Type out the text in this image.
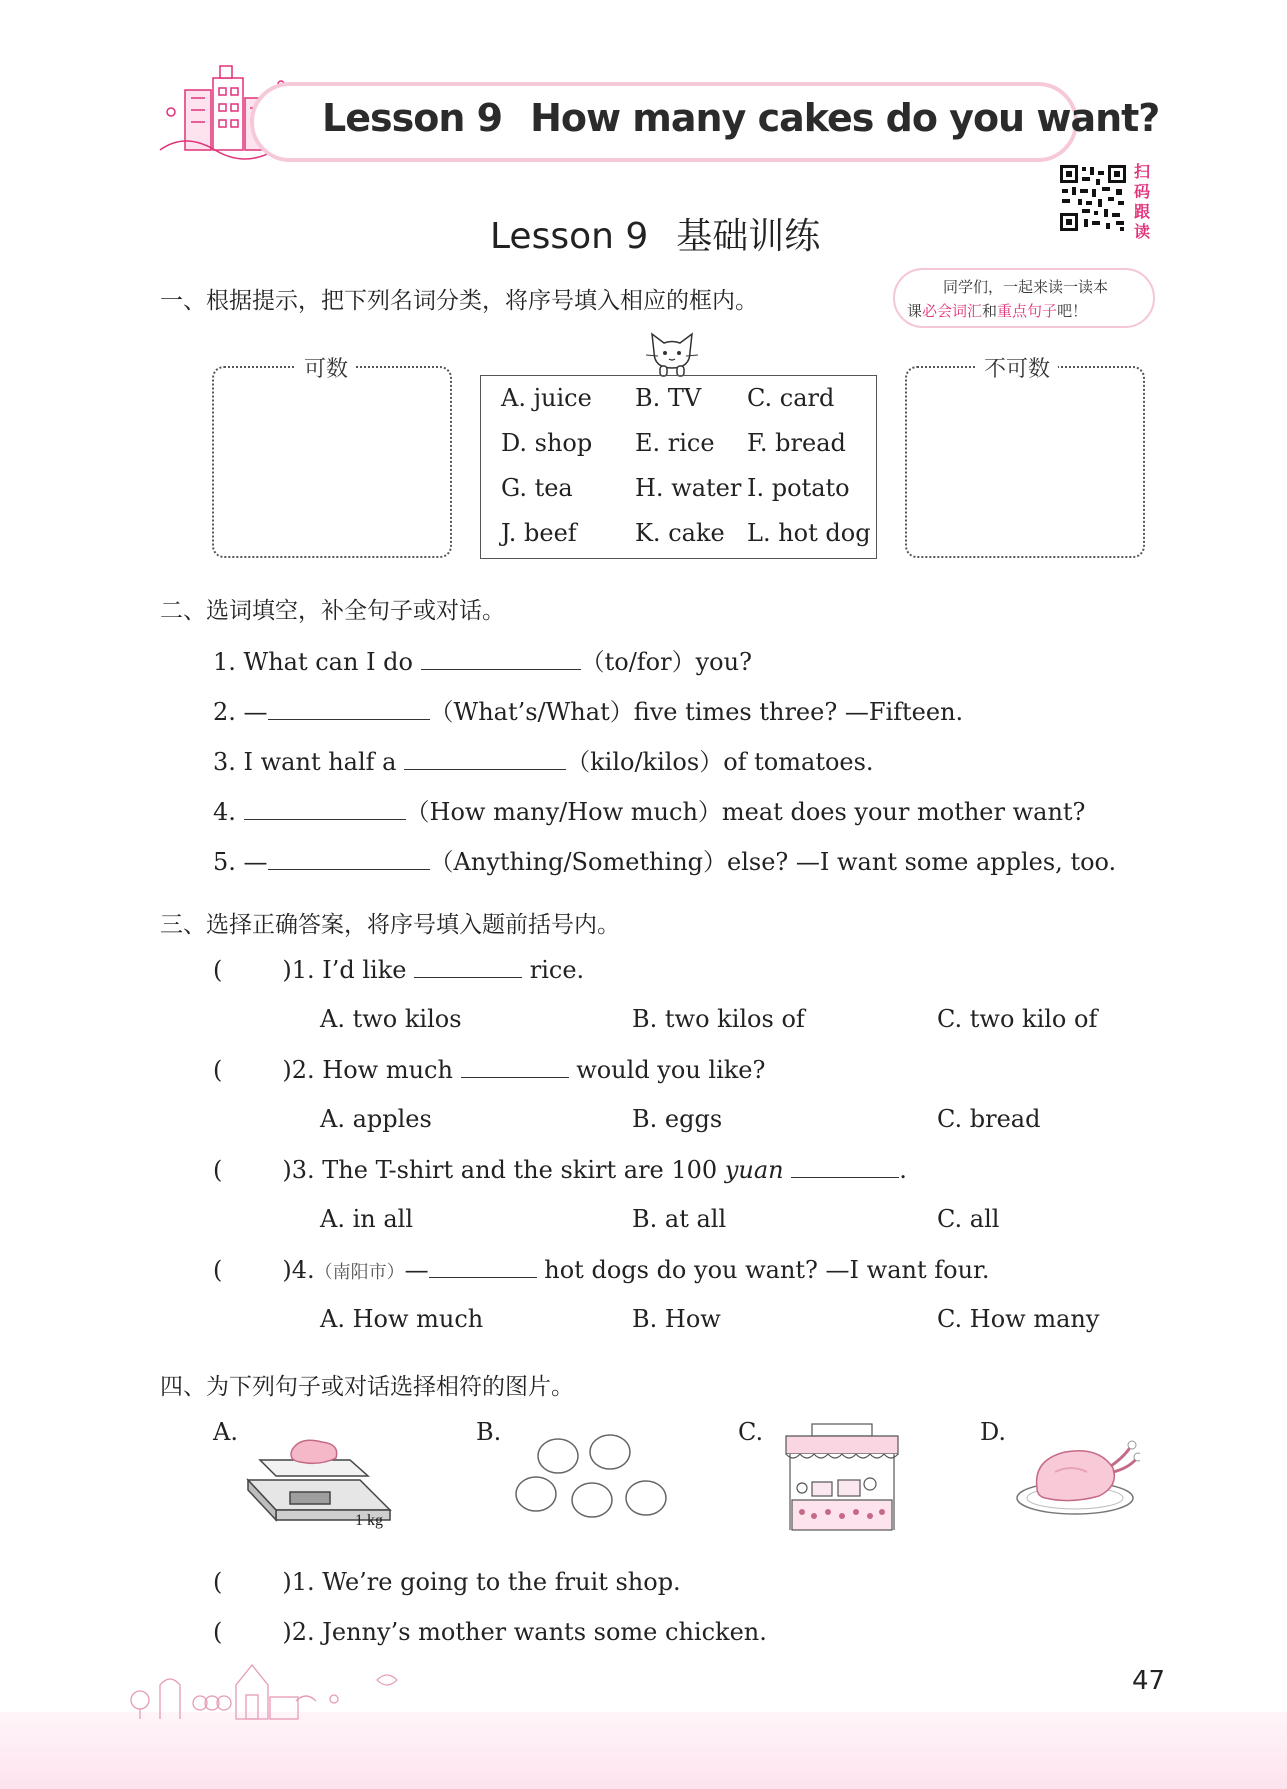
Lesson 9 How many cakes do you want?
扫
码
跟
读
Lesson 9 基础训练
同学们，一起来读一读本
课必会词汇和重点句子吧！
一、根据提示，把下列名词分类，将序号填入相应的框内。
可数	不可数
A. juice B. TV C. card
D. shop E. rice F. bread
G. tea	H. water I. potato
J. beef K. cake L. hot dog
二、选词填空，补全句子或对话。
1. What can I do	（to/for）you?
2. —	（What’s/What）five times three? —Fifteen.
3. I want half a	（kilo/kilos）of tomatoes.
4.	（How many/How much）meat does your mother want?
5. —	（Anything/Something）else? —I want some apples, too.
三、选择正确答案，将序号填入题前括号内。
(	)1. I’d like	rice.
A. two kilos	B. two kilos of	C. two kilo of
(	)2. How much	would you like?
A. apples	B. eggs	C. bread
(	)3. The T-shirt and the skirt are 100 yuan	.
A. in all	B. at all	C. all
(	)4.（南阳市）—	hot dogs do you want? —I want four.
A. How much	B. How	C. How many
四、为下列句子或对话选择相符的图片。
A.	B.	C.	D.
1 kg
(	)1. We’re going to the fruit shop.
(	)2. Jenny’s mother wants some chicken.
47
